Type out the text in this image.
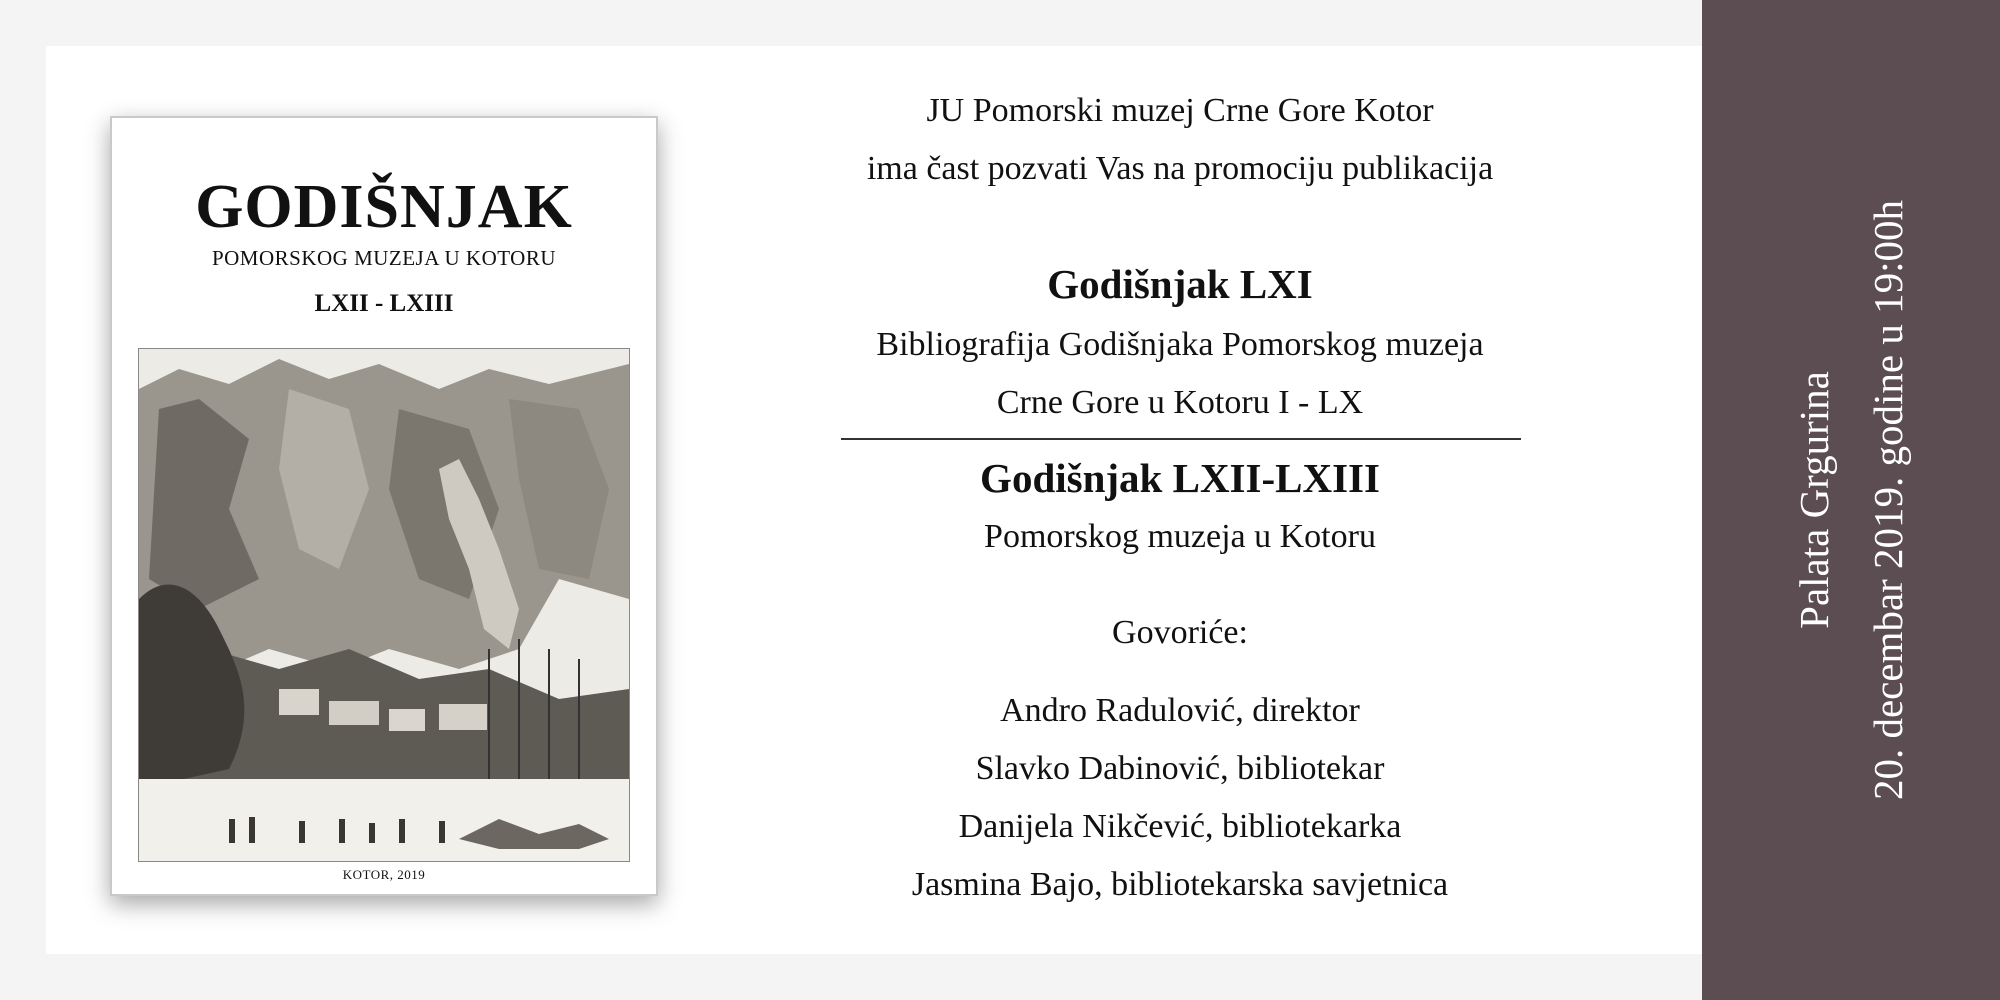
GODIŠNJAK
POMORSKOG MUZEJA U KOTORU
LXII - LXIII
KOTOR, 2019
JU Pomorski muzej Crne Gore Kotor
ima čast pozvati Vas na promociju publikacija
Godišnjak LXI
Bibliografija Godišnjaka Pomorskog muzeja
Crne Gore u Kotoru I - LX
Godišnjak LXII-LXIII
Pomorskog muzeja u Kotoru
Govoriće:
Andro Radulović, direktor
Slavko Dabinović, bibliotekar
Danijela Nikčević, bibliotekarka
Jasmina Bajo, bibliotekarska savjetnica
Palata Grgurina 20. decembar 2019. godine u 19:00h
